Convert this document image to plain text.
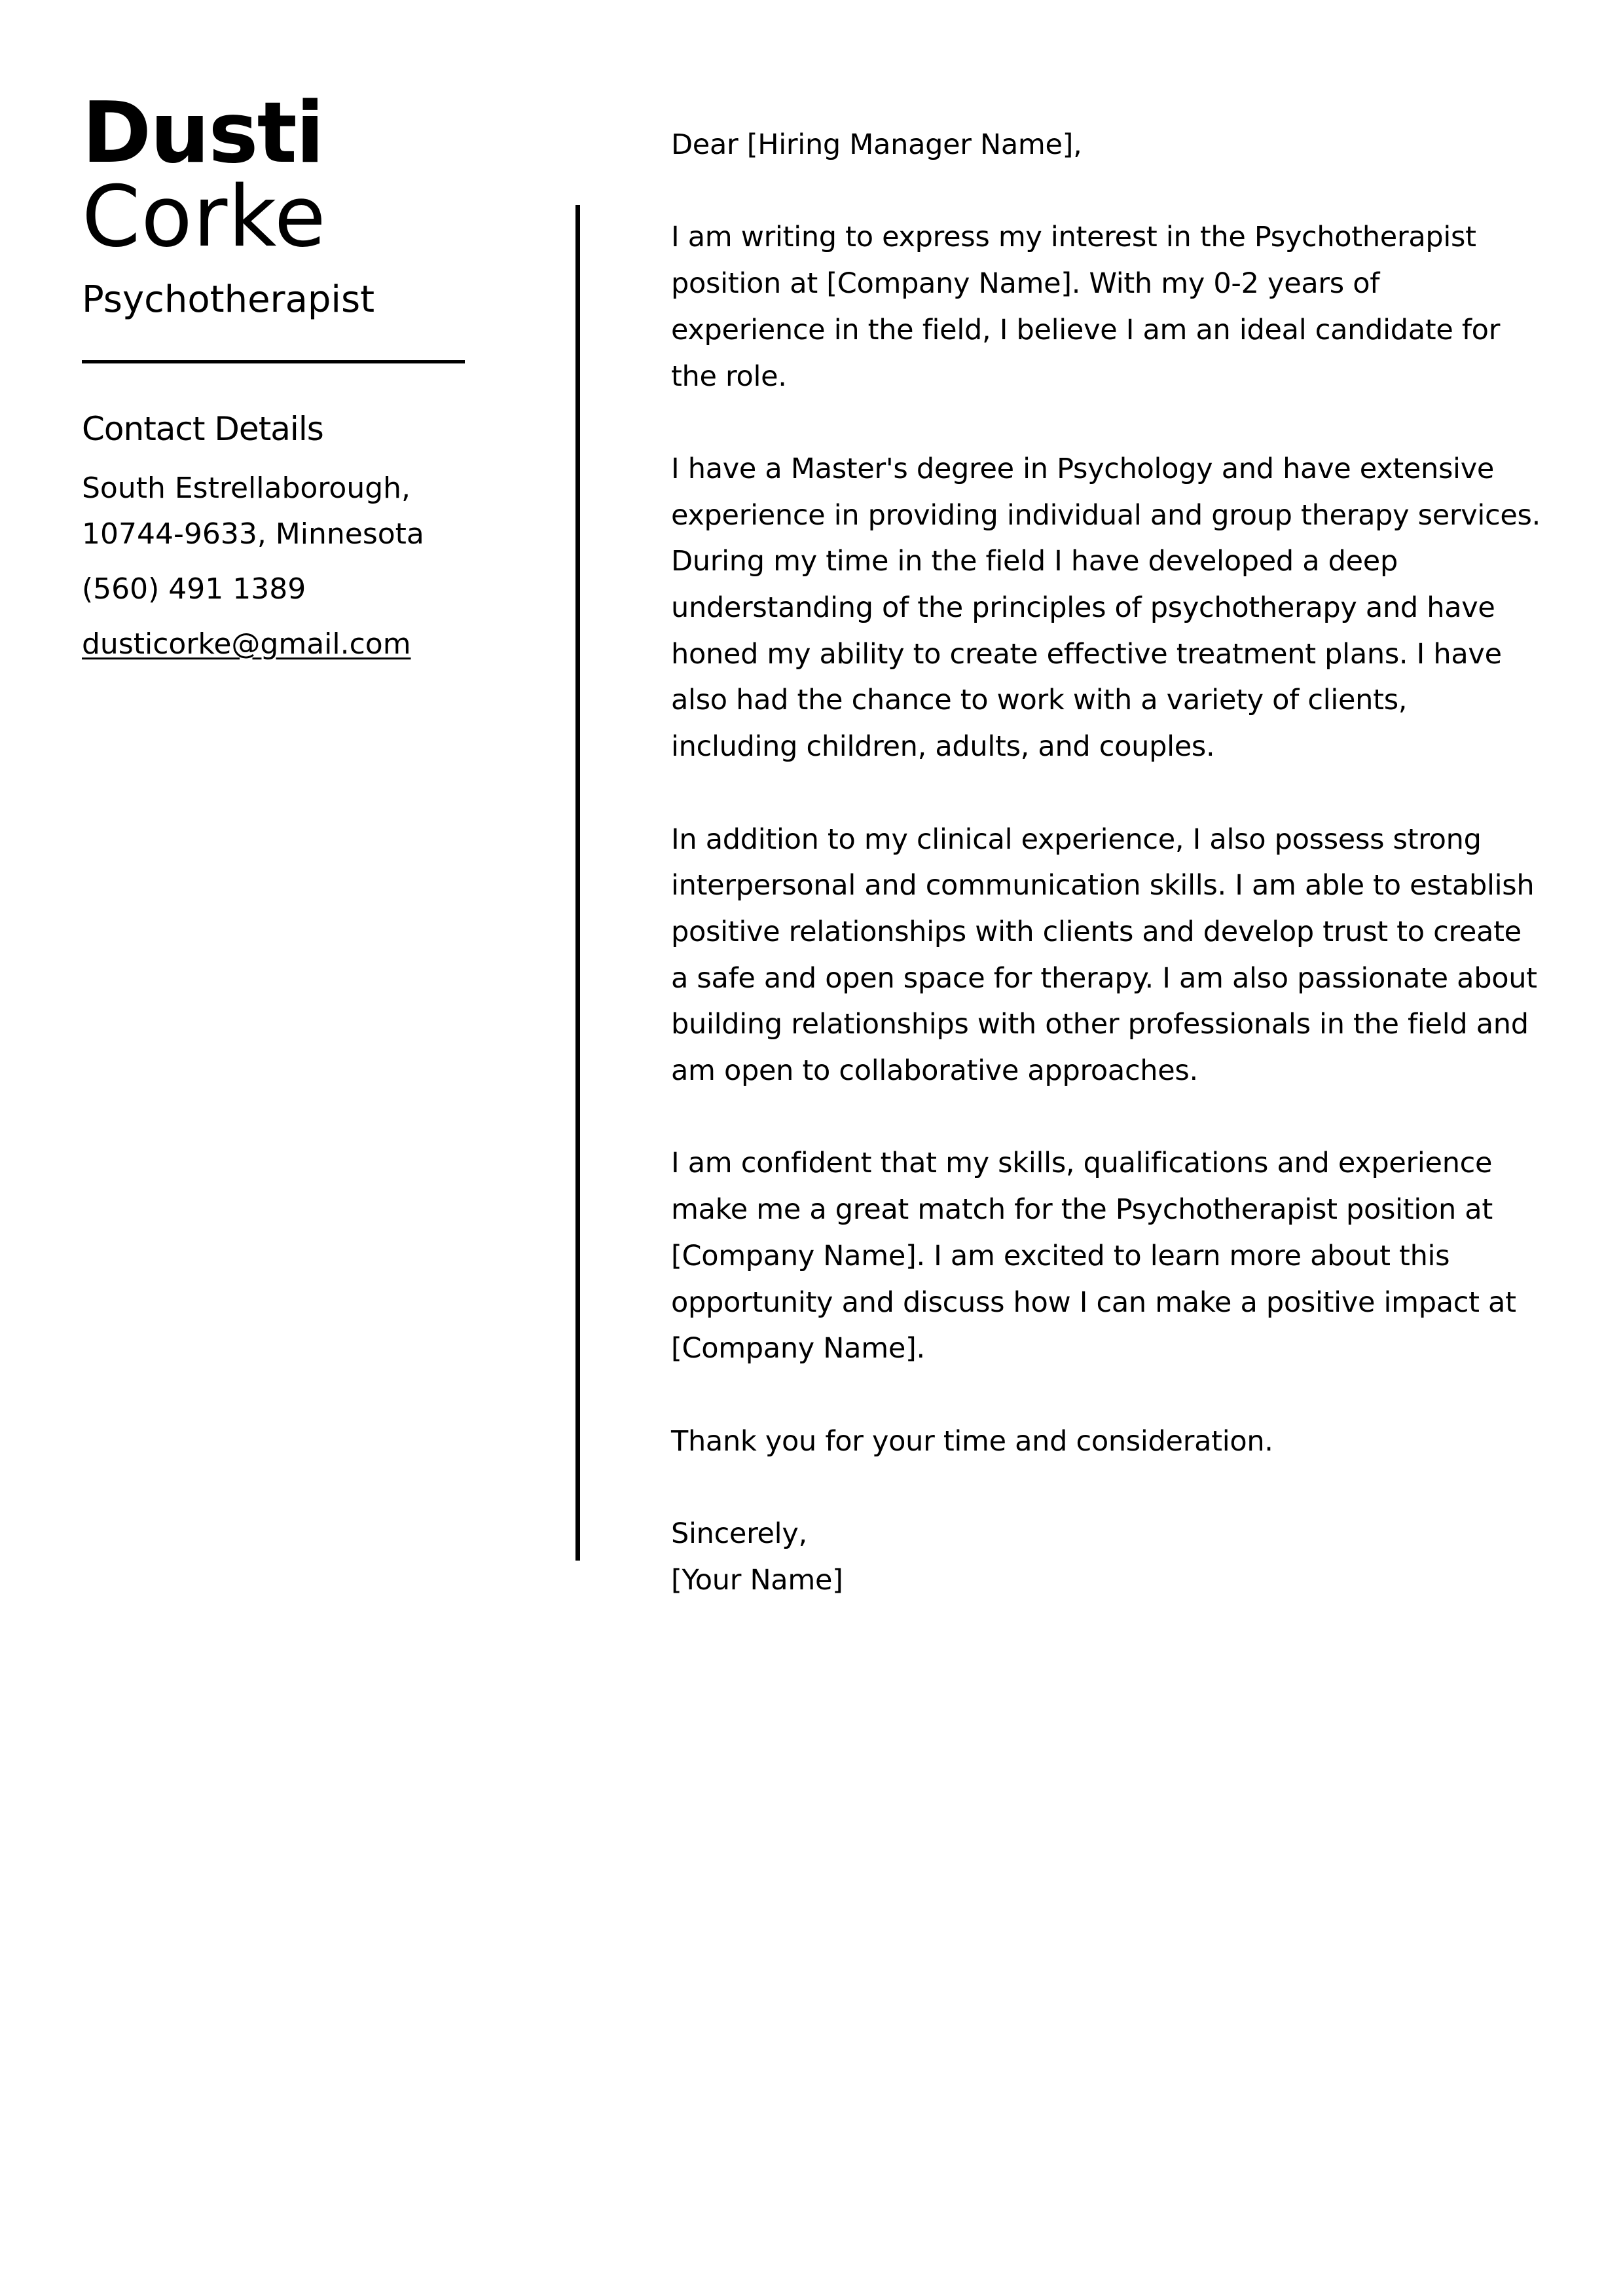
Dusti
Corke
Psychotherapist
Contact Details
South Estrellaborough,
10744-9633, Minnesota
(560) 491 1389
dusticorke@gmail.com

Dear [Hiring Manager Name],

I am writing to express my interest in the Psychotherapist position at [Company Name]. With my 0-2 years of experience in the field, I believe I am an ideal candidate for the role.

I have a Master's degree in Psychology and have extensive experience in providing individual and group therapy services. During my time in the field I have developed a deep understanding of the principles of psychotherapy and have honed my ability to create effective treatment plans. I have also had the chance to work with a variety of clients, including children, adults, and couples.

In addition to my clinical experience, I also possess strong interpersonal and communication skills. I am able to establish positive relationships with clients and develop trust to create a safe and open space for therapy. I am also passionate about building relationships with other professionals in the field and am open to collaborative approaches.

I am confident that my skills, qualifications and experience make me a great match for the Psychotherapist position at [Company Name]. I am excited to learn more about this opportunity and discuss how I can make a positive impact at [Company Name].

Thank you for your time and consideration.

Sincerely,

[Your Name]
